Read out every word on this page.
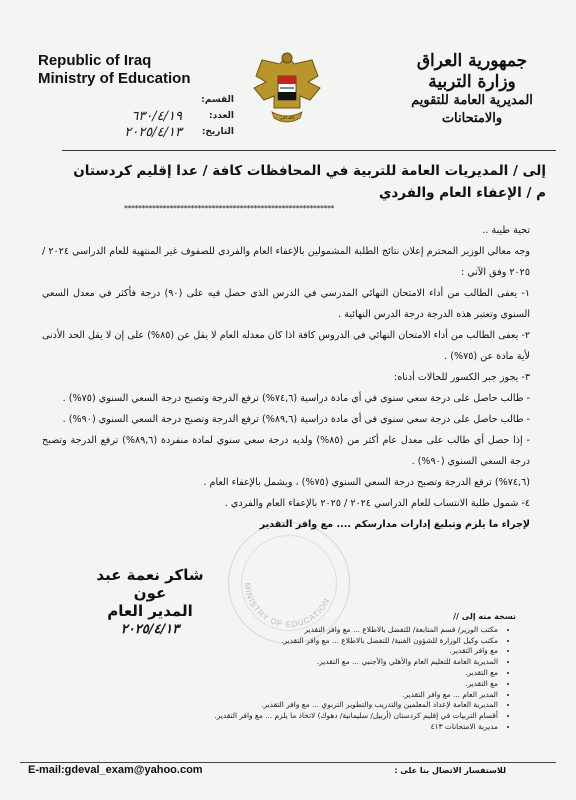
Republic of Iraq
Ministry of Education
الله أكبر
جمهورية العراق
وزارة التربية
المديرية العامة للتقويم والامتحانات
القسم:
العدد:
٦٣٠/٤/١٩
التاريخ:
٢٠٢٥/٤/١٣
إلى / المديريات العامة للتربية في المحافظات كافة / عدا إقليم كردستان
م / الإعفاء العام والفردي
************************************************************

تحية طيبة ..

وجه معالي الوزير المحترم إعلان نتائج الطلبة المشمولين بالإعفاء العام والفردي للصفوف غير المنتهية للعام الدراسي ٢٠٢٤ / ٢٠٢٥ وفق الآتي :

١- يعفى الطالب من أداء الامتحان النهائي المدرسي في الدرس الذي حصل فيه على (٩٠) درجة فأكثر في معدل السعي السنوي وتعتبر هذه الدرجة درجة الدرس النهائية .

٢- يعفى الطالب من أداء الامتحان النهائي في الدروس كافة اذا كان معدله العام لا يقل عن (٨٥%) على إن لا يقل الحد الأدنى لأية مادة عن (٧٥%) .

٣- يجوز جبر الكسور للحالات أدناه:

- طالب حاصل على درجة سعي سنوي في أي مادة دراسية (٧٤,٦%) ترفع الدرجة وتصبح درجة السعي السنوي (٧٥%) .

- طالب حاصل على درجة سعي سنوي في أي مادة دراسية (٨٩,٦%) ترفع الدرجة وتصبح درجة السعي السنوي (٩٠%) .

- إذا حصل أي طالب على معدل عام أكثر من (٨٥%) ولديه درجة سعي سنوي لمادة منفردة (٨٩,٦%) ترفع الدرجة وتصبح درجة السعي السنوي (٩٠%) .

(٧٤,٦%) ترفع الدرجة وتصبح درجة السعي السنوي (٧٥%) ، ويشمل بالإعفاء العام .

٤- شمول طلبة الانتساب للعام الدراسي ٢٠٢٤ / ٢٠٢٥ بالإعفاء العام والفردي .

لإجراء ما يلزم وتبليغ إدارات مدارسكم .... مع وافر التقدير

MINISTRY OF EDUCATION
شاكر نعمة عبد عون
المدير العام
٢٠٢٥/٤/١٣
نسخة منه إلى //
• مكتب الوزير/ قسم المتابعة/ للتفضل بالاطلاع ... مع وافر التقدير
• مكتب وكيل الوزارة للشؤون الفنية/ للتفضل بالاطلاع ... مع وافر التقدير.
• مع وافر التقدير.
• المديرية العامة للتعليم العام والأهلي والأجنبي ... مع التقدير.
• مع التقدير.
• مع التقدير.
• المدير العام ... مع وافر التقدير.
• المديرية العامة لإعداد المعلمين والتدريب والتطوير التربوي ... مع وافر التقدير.
• أقسام التربيات في إقليم كردستان (أربيل/ سليمانية/ دهوك) لاتخاذ ما يلزم ... مع وافر التقدير.
• مديرية الامتحانات ٤١٣
E-mail:gdeval_exam@yahoo.com	للاستفسار الاتصال بنا على :
